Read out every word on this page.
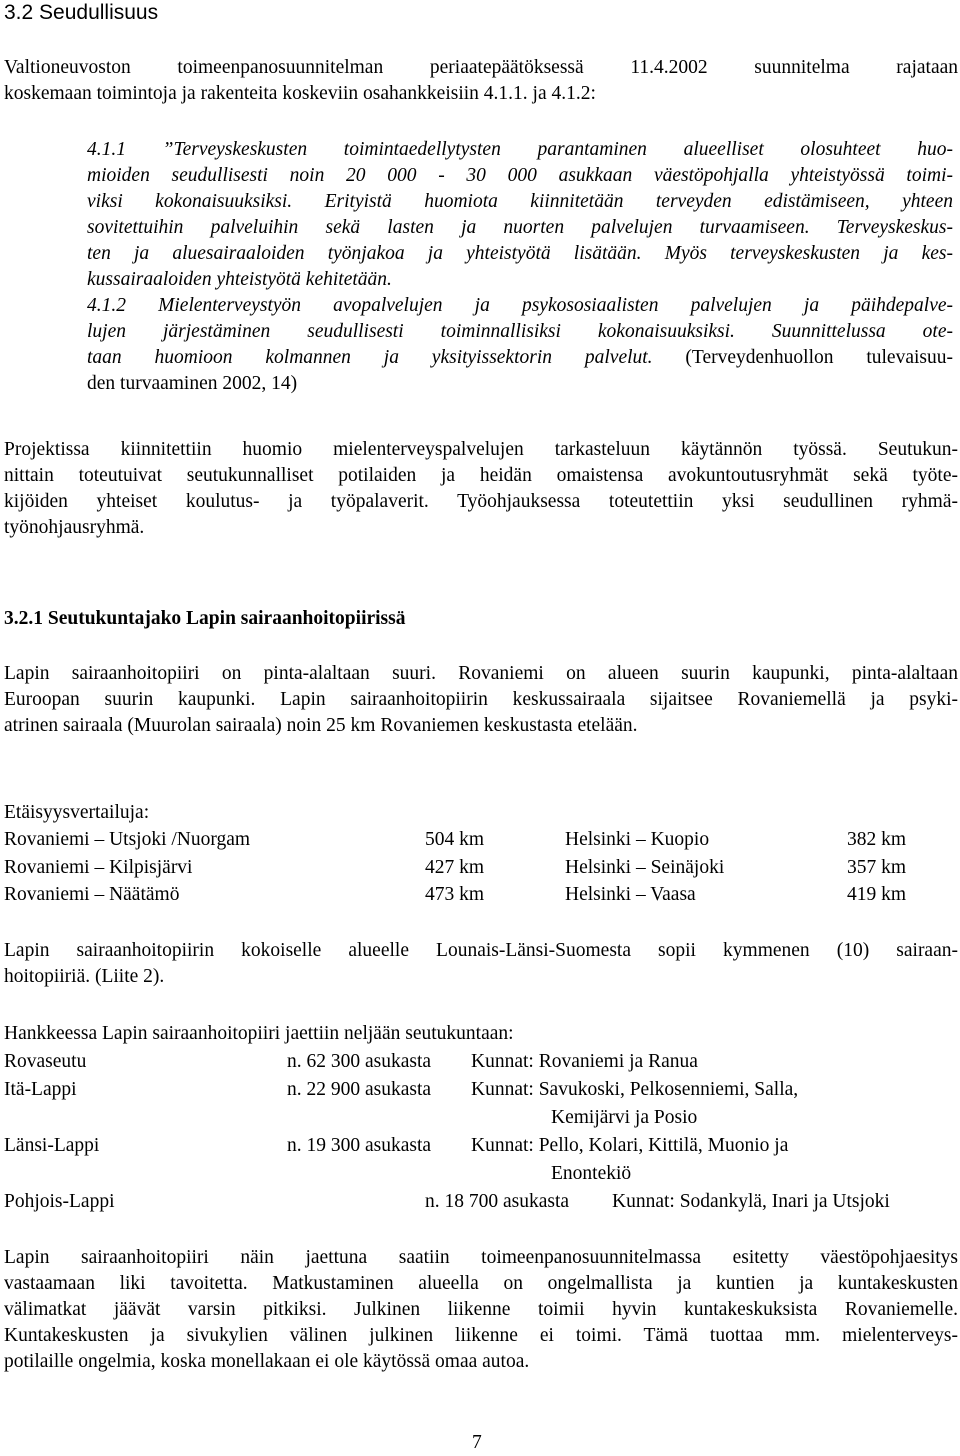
3.2 Seudullisuus
Valtioneuvoston toimeenpanosuunnitelman periaatepäätöksessä 11.4.2002 suunnitelma rajataan
koskemaan toimintoja ja rakenteita koskeviin osahankkeisiin 4.1.1. ja 4.1.2:
4.1.1 ”Terveyskeskusten toimintaedellytysten parantaminen alueelliset olosuhteet huo-
mioiden seudullisesti noin 20 000 - 30 000 asukkaan väestöpohjalla yhteistyössä toimi-
viksi kokonaisuuksiksi. Erityistä huomiota kiinnitetään terveyden edistämiseen, yhteen
sovitettuihin palveluihin sekä lasten ja nuorten palvelujen turvaamiseen. Terveyskeskus-
ten ja aluesairaaloiden työnjakoa ja yhteistyötä lisätään. Myös terveyskeskusten ja kes-
kussairaaloiden yhteistyötä kehitetään.
4.1.2 Mielenterveystyön avopalvelujen ja psykososiaalisten palvelujen ja päihdepalve-
lujen järjestäminen seudullisesti toiminnallisiksi kokonaisuuksiksi. Suunnittelussa ote-
taan huomioon kolmannen ja yksityissektorin palvelut. (Terveydenhuollon tulevaisuu-
den turvaaminen 2002, 14)
Projektissa kiinnitettiin huomio mielenterveyspalvelujen tarkasteluun käytännön työssä. Seutukun-
nittain toteutuivat seutukunnalliset potilaiden ja heidän omaistensa avokuntoutusryhmät sekä työte-
kijöiden yhteiset koulutus- ja työpalaverit. Työohjauksessa toteutettiin yksi seudullinen ryhmä-
työnohjausryhmä.
3.2.1 Seutukuntajako Lapin sairaanhoitopiirissä
Lapin sairaanhoitopiiri on pinta-alaltaan suuri. Rovaniemi on alueen suurin kaupunki, pinta-alaltaan
Euroopan suurin kaupunki. Lapin sairaanhoitopiirin keskussairaala sijaitsee Rovaniemellä ja psyki-
atrinen sairaala (Muurolan sairaala) noin 25 km Rovaniemen keskustasta etelään.
Etäisyysvertailuja:
Rovaniemi – Utsjoki /Nuorgam	504 km	Helsinki – Kuopio	382 km
Rovaniemi – Kilpisjärvi	427 km	Helsinki – Seinäjoki	357 km
Rovaniemi – Näätämö	473 km	Helsinki – Vaasa	419 km
Lapin sairaanhoitopiirin kokoiselle alueelle Lounais-Länsi-Suomesta sopii kymmenen (10) sairaan-
hoitopiiriä. (Liite 2).
Hankkeessa Lapin sairaanhoitopiiri jaettiin neljään seutukuntaan:
Rovaseutu	n. 62 300 asukasta Kunnat: Rovaniemi ja Ranua
Itä-Lappi	n. 22 900 asukasta Kunnat: Savukoski, Pelkosenniemi, Salla,
Kemijärvi ja Posio
Länsi-Lappi	n. 19 300 asukasta Kunnat: Pello, Kolari, Kittilä, Muonio ja
Enontekiö
Pohjois-Lappi	n. 18 700 asukasta Kunnat: Sodankylä, Inari ja Utsjoki
Lapin sairaanhoitopiiri näin jaettuna saatiin toimeenpanosuunnitelmassa esitetty väestöpohjaesitys
vastaamaan liki tavoitetta. Matkustaminen alueella on ongelmallista ja kuntien ja kuntakeskusten
välimatkat jäävät varsin pitkiksi. Julkinen liikenne toimii hyvin kuntakeskuksista Rovaniemelle.
Kuntakeskusten ja sivukylien välinen julkinen liikenne ei toimi. Tämä tuottaa mm. mielenterveys-
potilaille ongelmia, koska monellakaan ei ole käytössä omaa autoa.
7
